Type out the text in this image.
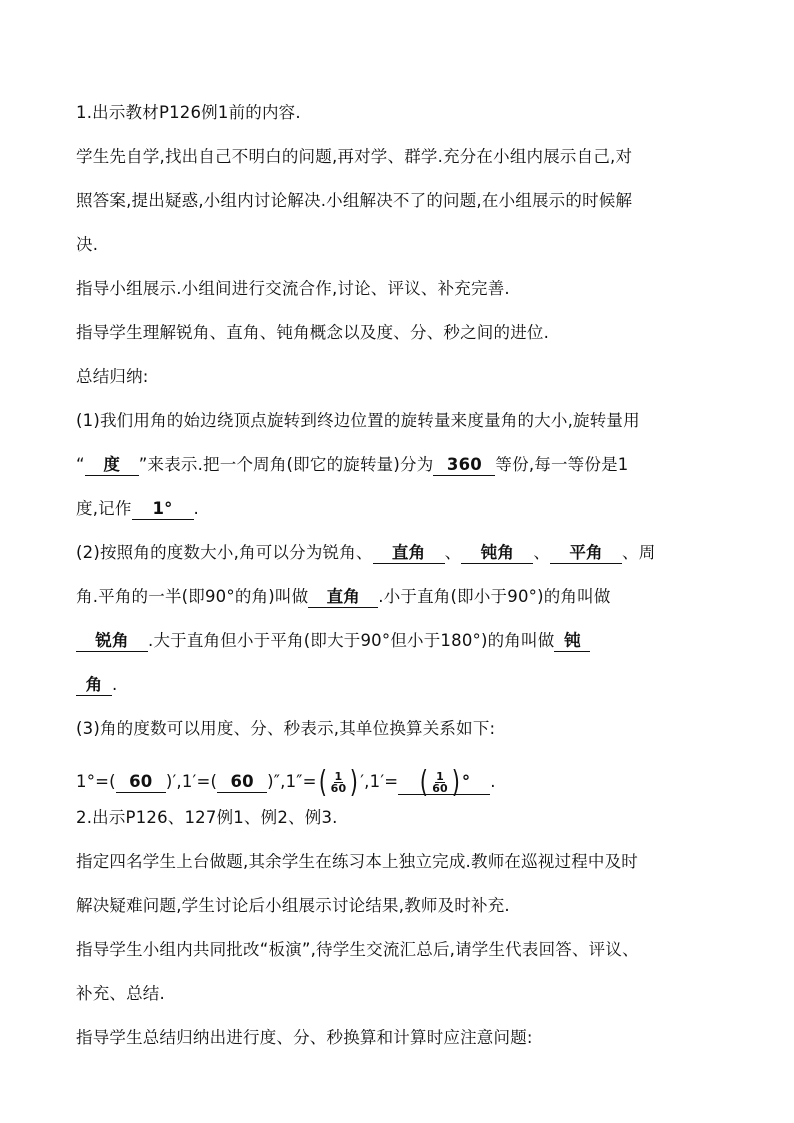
1.出示教材P126例1前的内容.
学生先自学,找出自己不明白的问题,再对学、群学.充分在小组内展示自己,对
照答案,提出疑惑,小组内讨论解决.小组解决不了的问题,在小组展示的时候解
决.
指导小组展示.小组间进行交流合作,讨论、评议、补充完善.
指导学生理解锐角、直角、钝角概念以及度、分、秒之间的进位.
总结归纳:
(1)我们用角的始边绕顶点旋转到终边位置的旋转量来度量角的大小,旋转量用
“ 度 ”来表示.把一个周角(即它的旋转量)分为 360 等份,每一等份是1
度,记作 1° .
(2)按照角的度数大小,角可以分为锐角、 直角 、 钝角 、 平角 、周
角.平角的一半(即90°的角)叫做 直角 .小于直角(即小于90°)的角叫做
锐角 .大于直角但小于平角(即大于90°但小于180°)的角叫做 钝
角 .
(3)角的度数可以用度、分、秒表示,其单位换算关系如下:
1°=( 60 )′,1′=( 60 )$'',1''=( \frac{1}{60}$ ) ′,1′= ( $\frac{1}{60}$ ) ° .
2.出示P126、127例1、例2、例3.
指定四名学生上台做题,其余学生在练习本上独立完成.教师在巡视过程中及时
解决疑难问题,学生讨论后小组展示讨论结果,教师及时补充.
指导学生小组内共同批改“板演”,待学生交流汇总后,请学生代表回答、评议、
补充、总结.
指导学生总结归纳出进行度、分、秒换算和计算时应注意问题:
